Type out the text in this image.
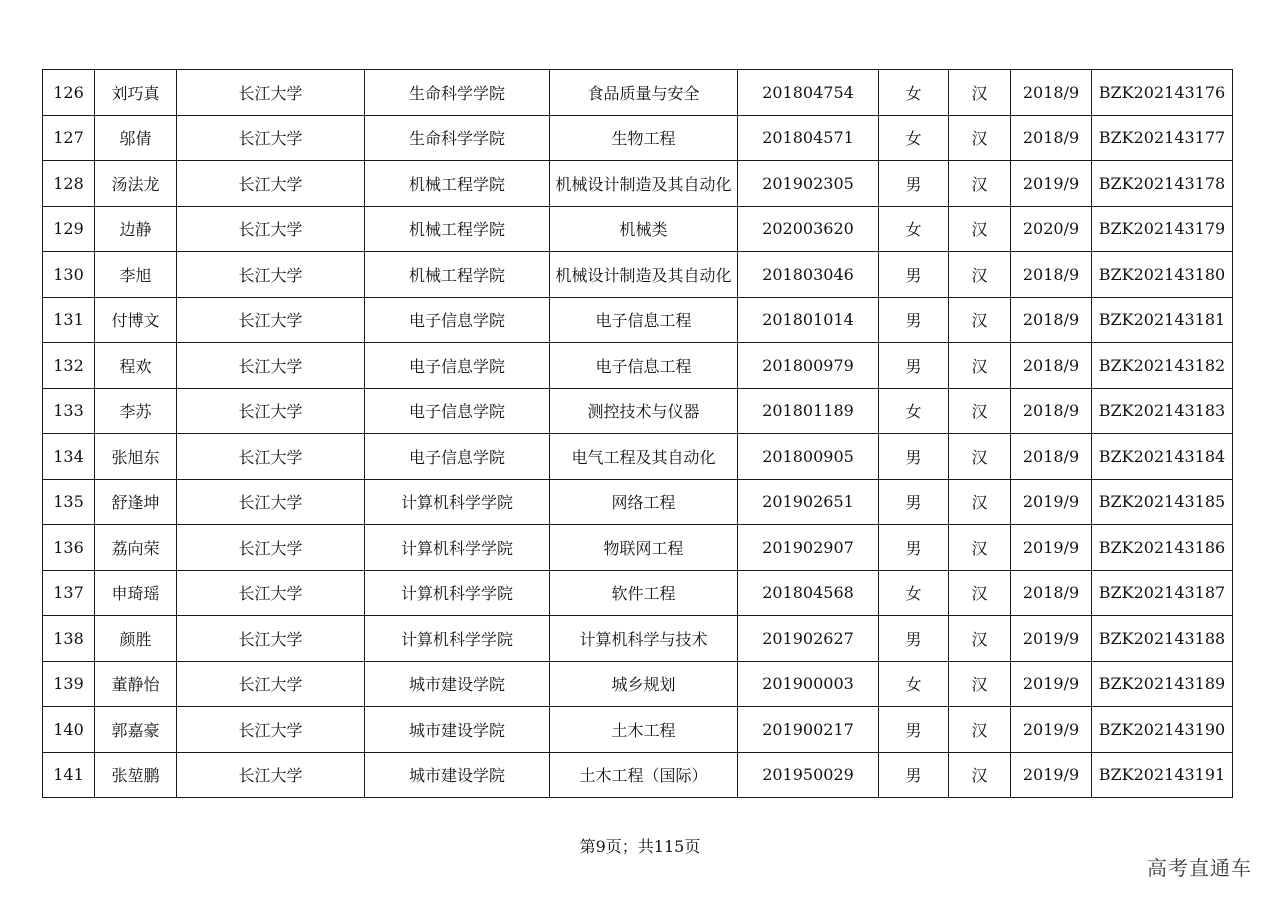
126	刘巧真	长江大学	生命科学学院	食品质量与安全	201804754	女	汉	2018/9	BZK202143176
127	邬倩	长江大学	生命科学学院	生物工程	201804571	女	汉	2018/9	BZK202143177
128	汤法龙	长江大学	机械工程学院	机械设计制造及其自动化	201902305	男	汉	2019/9	BZK202143178
129	边静	长江大学	机械工程学院	机械类	202003620	女	汉	2020/9	BZK202143179
130	李旭	长江大学	机械工程学院	机械设计制造及其自动化	201803046	男	汉	2018/9	BZK202143180
131	付博文	长江大学	电子信息学院	电子信息工程	201801014	男	汉	2018/9	BZK202143181
132	程欢	长江大学	电子信息学院	电子信息工程	201800979	男	汉	2018/9	BZK202143182
133	李苏	长江大学	电子信息学院	测控技术与仪器	201801189	女	汉	2018/9	BZK202143183
134	张旭东	长江大学	电子信息学院	电气工程及其自动化	201800905	男	汉	2018/9	BZK202143184
135	舒逢坤	长江大学	计算机科学学院	网络工程	201902651	男	汉	2019/9	BZK202143185
136	荔向荣	长江大学	计算机科学学院	物联网工程	201902907	男	汉	2019/9	BZK202143186
137	申琦瑶	长江大学	计算机科学学院	软件工程	201804568	女	汉	2018/9	BZK202143187
138	颜胜	长江大学	计算机科学学院	计算机科学与技术	201902627	男	汉	2019/9	BZK202143188
139	董静怡	长江大学	城市建设学院	城乡规划	201900003	女	汉	2019/9	BZK202143189
140	郭嘉豪	长江大学	城市建设学院	土木工程	201900217	男	汉	2019/9	BZK202143190
141	张堃鹏	长江大学	城市建设学院	土木工程（国际）	201950029	男	汉	2019/9	BZK202143191
第9页；共115页
高考直通车
